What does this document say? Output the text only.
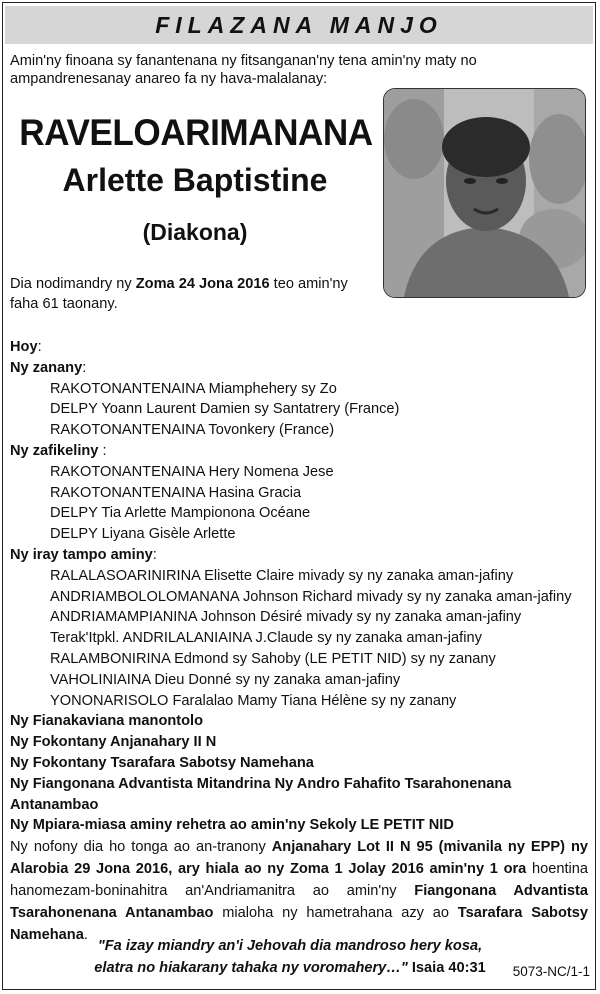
FILAZANA MANJO
Amin'ny finoana sy fanantenana ny fitsanganan'ny tena amin'ny maty no ampandrenesanay anareo fa ny hava-malalanay:
RAVELOARIMANANA
Arlette Baptistine
(Diakona)
Dia nodimandry ny Zoma 24 Jona 2016 teo amin'ny faha 61 taonany.
Hoy:
Ny zanany:
RAKOTONANTENAINA Miamphehery sy Zo
DELPY Yoann Laurent Damien sy Santatrery (France)
RAKOTONANTENAINA Tovonkery (France)
Ny zafikeliny :
RAKOTONANTENAINA Hery Nomena Jese
RAKOTONANTENAINA Hasina Gracia
DELPY Tia Arlette Mampionona Océane
DELPY Liyana Gisèle Arlette
Ny iray tampo aminy:
RALALASOARINIRINA Elisette Claire mivady sy ny zanaka aman-jafiny
ANDRIAMBOLOLOMANANA Johnson Richard mivady sy ny zanaka aman-jafiny
ANDRIAMAMPIANINA Johnson Désiré mivady sy ny zanaka aman-jafiny
Terak'Itpkl. ANDRILALANIAINA J.Claude sy ny zanaka aman-jafiny
RALAMBONIRINA Edmond sy Sahoby (LE PETIT NID) sy ny zanany
VAHOLINIAINA Dieu Donné sy ny zanaka aman-jafiny
YONONARISOLO Faralalao Mamy Tiana Hélène sy ny zanany
Ny Fianakaviana manontolo
Ny Fokontany Anjanahary II N
Ny Fokontany Tsarafara Sabotsy Namehana
Ny Fiangonana Advantista Mitandrina Ny Andro Fahafito Tsarahonenana Antanambao
Ny Mpiara-miasa aminy rehetra ao amin'ny Sekoly LE PETIT NID
Ny nofony dia ho tonga ao an-tranony Anjanahary Lot II N 95 (mivanila ny EPP) ny Alarobia 29 Jona 2016, ary hiala ao ny Zoma 1 Jolay 2016 amin'ny 1 ora hoentina hanomezam-boninahitra an'Andriamanitra ao amin'ny Fiangonana Advantista Tsarahonenana Antanambao mialoha ny hametrahana azy ao Tsarafara Sabotsy Namehana.
"Fa izay miandry an'i Jehovah dia mandroso hery kosa,
elatra no hiakarany tahaka ny voromahery…" Isaia 40:31	5073-NC/1-1
